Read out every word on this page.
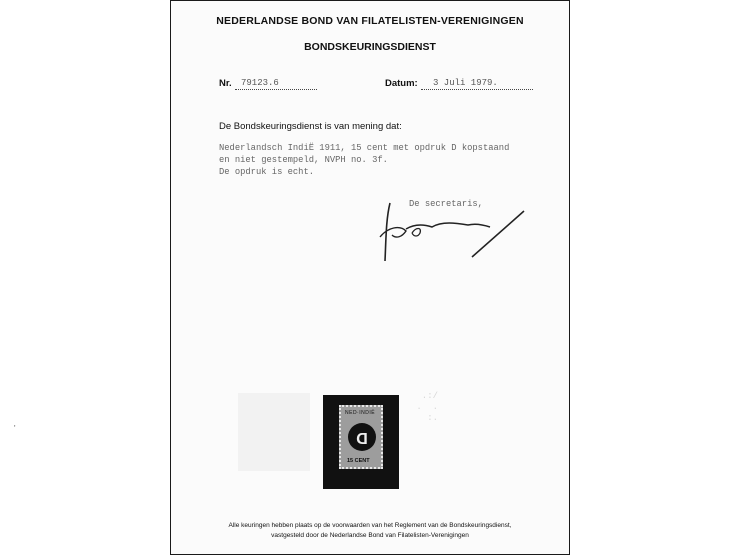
NEDERLANDSE BOND VAN FILATELISTEN-VERENIGINGEN
BONDSKEURINGSDIENST
Nr. 79123.6	Datum: 3 Juli 1979.
De Bondskeuringsdienst is van mening dat:
Nederlandsch IndiË 1911, 15 cent met opdruk D kopstaand
en niet gestempeld, NVPH no. 3f.
De opdruk is echt.
De secretaris,
NED·INDIË
D
15 CENT
.:/
.  .
:.
Alle keuringen hebben plaats op de voorwaarden van het Reglement van de Bondskeuringsdienst,
vastgesteld door de Nederlandse Bond van Filatelisten-Verenigingen
'
